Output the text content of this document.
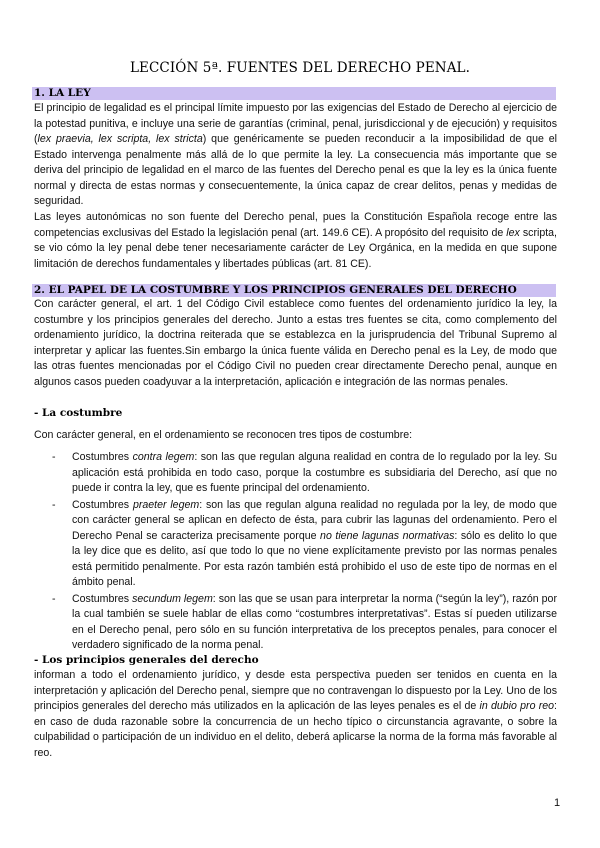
LECCIÓN 5ª. FUENTES DEL DERECHO PENAL.
1. LA LEY
El principio de legalidad es el principal límite impuesto por las exigencias del Estado de Derecho al ejercicio de la potestad punitiva, e incluye una serie de garantías (criminal, penal, jurisdiccional y de ejecución) y requisitos (lex praevia, lex scripta, lex stricta) que genéricamente se pueden reconducir a la imposibilidad de que el Estado intervenga penalmente más allá de lo que permite la ley. La consecuencia más importante que se deriva del principio de legalidad en el marco de las fuentes del Derecho penal es que la ley es la única fuente normal y directa de estas normas y consecuentemente, la única capaz de crear delitos, penas y medidas de seguridad.
Las leyes autonómicas no son fuente del Derecho penal, pues la Constitución Española recoge entre las competencias exclusivas del Estado la legislación penal (art. 149.6 CE). A propósito del requisito de lex scripta, se vio cómo la ley penal debe tener necesariamente carácter de Ley Orgánica, en la medida en que supone limitación de derechos fundamentales y libertades públicas (art. 81 CE).
2. EL PAPEL DE LA COSTUMBRE Y LOS PRINCIPIOS GENERALES DEL DERECHO
Con carácter general, el art. 1 del Código Civil establece como fuentes del ordenamiento jurídico la ley, la costumbre y los principios generales del derecho. Junto a estas tres fuentes se cita, como complemento del ordenamiento jurídico, la doctrina reiterada que se establezca en la jurisprudencia del Tribunal Supremo al interpretar y aplicar las fuentes.Sin embargo la única fuente válida en Derecho penal es la Ley, de modo que las otras fuentes mencionadas por el Código Civil no pueden crear directamente Derecho penal, aunque en algunos casos pueden coadyuvar a la interpretación, aplicación e integración de las normas penales.
- La costumbre
Con carácter general, en el ordenamiento se reconocen tres tipos de costumbre:
- Costumbres contra legem: son las que regulan alguna realidad en contra de lo regulado por la ley. Su aplicación está prohibida en todo caso, porque la costumbre es subsidiaria del Derecho, así que no puede ir contra la ley, que es fuente principal del ordenamiento.
- Costumbres praeter legem: son las que regulan alguna realidad no regulada por la ley, de modo que con carácter general se aplican en defecto de ésta, para cubrir las lagunas del ordenamiento. Pero el Derecho Penal se caracteriza precisamente porque no tiene lagunas normativas: sólo es delito lo que la ley dice que es delito, así que todo lo que no viene explícitamente previsto por las normas penales está permitido penalmente. Por esta razón también está prohibido el uso de este tipo de normas en el ámbito penal.
- Costumbres secundum legem: son las que se usan para interpretar la norma (“según la ley”), razón por la cual también se suele hablar de ellas como “costumbres interpretativas”. Estas sí pueden utilizarse en el Derecho penal, pero sólo en su función interpretativa de los preceptos penales, para conocer el verdadero significado de la norma penal.
- Los principios generales del derecho
informan a todo el ordenamiento jurídico, y desde esta perspectiva pueden ser tenidos en cuenta en la interpretación y aplicación del Derecho penal, siempre que no contravengan lo dispuesto por la Ley. Uno de los principios generales del derecho más utilizados en la aplicación de las leyes penales es el de in dubio pro reo: en caso de duda razonable sobre la concurrencia de un hecho típico o circunstancia agravante, o sobre la culpabilidad o participación de un individuo en el delito, deberá aplicarse la norma de la forma más favorable al reo.
1
